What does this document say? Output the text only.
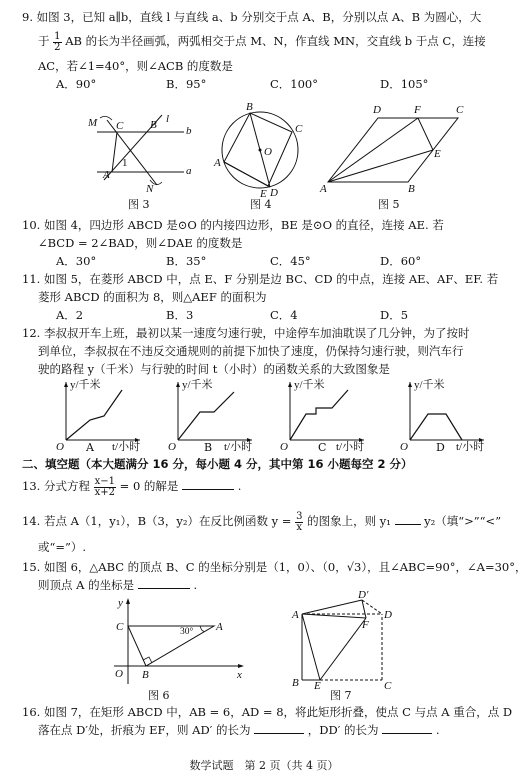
9. 如图 3，已知 a∥b，直线 l 与直线 a、b 分别交于点 A、B，分别以点 A、B 为圆心，大
于 $\frac{1}{2}$ AB 的长为半径画弧，两弧相交于点 M、N，作直线 MN，交直线 b 于点 C，连接
AC，若∠1=40°，则∠ACB 的度数是
A．90°	B．95°	C．100°	D．105°
M C B l
b
A
1
N
a
图 3
B
C
O
A
D
E
图 4
D	F	C
E
A	B
图 5
10. 如图 4，四边形 ABCD 是⊙O 的内接四边形，BE 是⊙O 的直径，连接 AE. 若
∠BCD = 2∠BAD，则∠DAE 的度数是
A．30°	B．35°	C．45°	D．60°
11. 如图 5，在菱形 ABCD 中，点 E、F 分别是边 BC、CD 的中点，连接 AE、AF、EF. 若
菱形 ABCD 的面积为 8，则△AEF 的面积为
A．2	B．3	C．4	D．5
12. 李叔叔开车上班，最初以某一速度匀速行驶，中途停车加油耽误了几分钟，为了按时
到单位，李叔叔在不违反交通规则的前提下加快了速度，仍保持匀速行驶，则汽车行
驶的路程 y（千米）与行驶的时间 t（小时）的函数关系的大致图象是
y/千米
t/小时
O
y/千米
t/小时
O
y/千米
t/小时
O
y/千米
t/小时
O
A	B	C	D
二、填空题（本大题满分 16 分，每小题 4 分，其中第 16 小题每空 2 分）
13. 分式方程 $\frac{x-1}{x+2} = 0$ 的解是	.
14. 若点 A（1，y₁），B（3，y₂）在反比例函数 $y = \frac{3}{x}$ 的图象上，则 y₁	y₂（填“>”“<”
或“=”）.
15. 如图 6，△ABC 的顶点 B、C 的坐标分别是（1，0）、（0，√3），且∠ABC=90°，∠A=30°，
则顶点 A 的坐标是	.
y
C	30° A
O B	x
图 6
A
D′
D
F
B E	C
图 7
16. 如图 7，在矩形 ABCD 中，AB = 6，AD = 8，将此矩形折叠，使点 C 与点 A 重合，点 D
落在点 D′处，折痕为 EF，则 AD′ 的长为	，DD′ 的长为	.
数学试题　第 2 页（共 4 页）
